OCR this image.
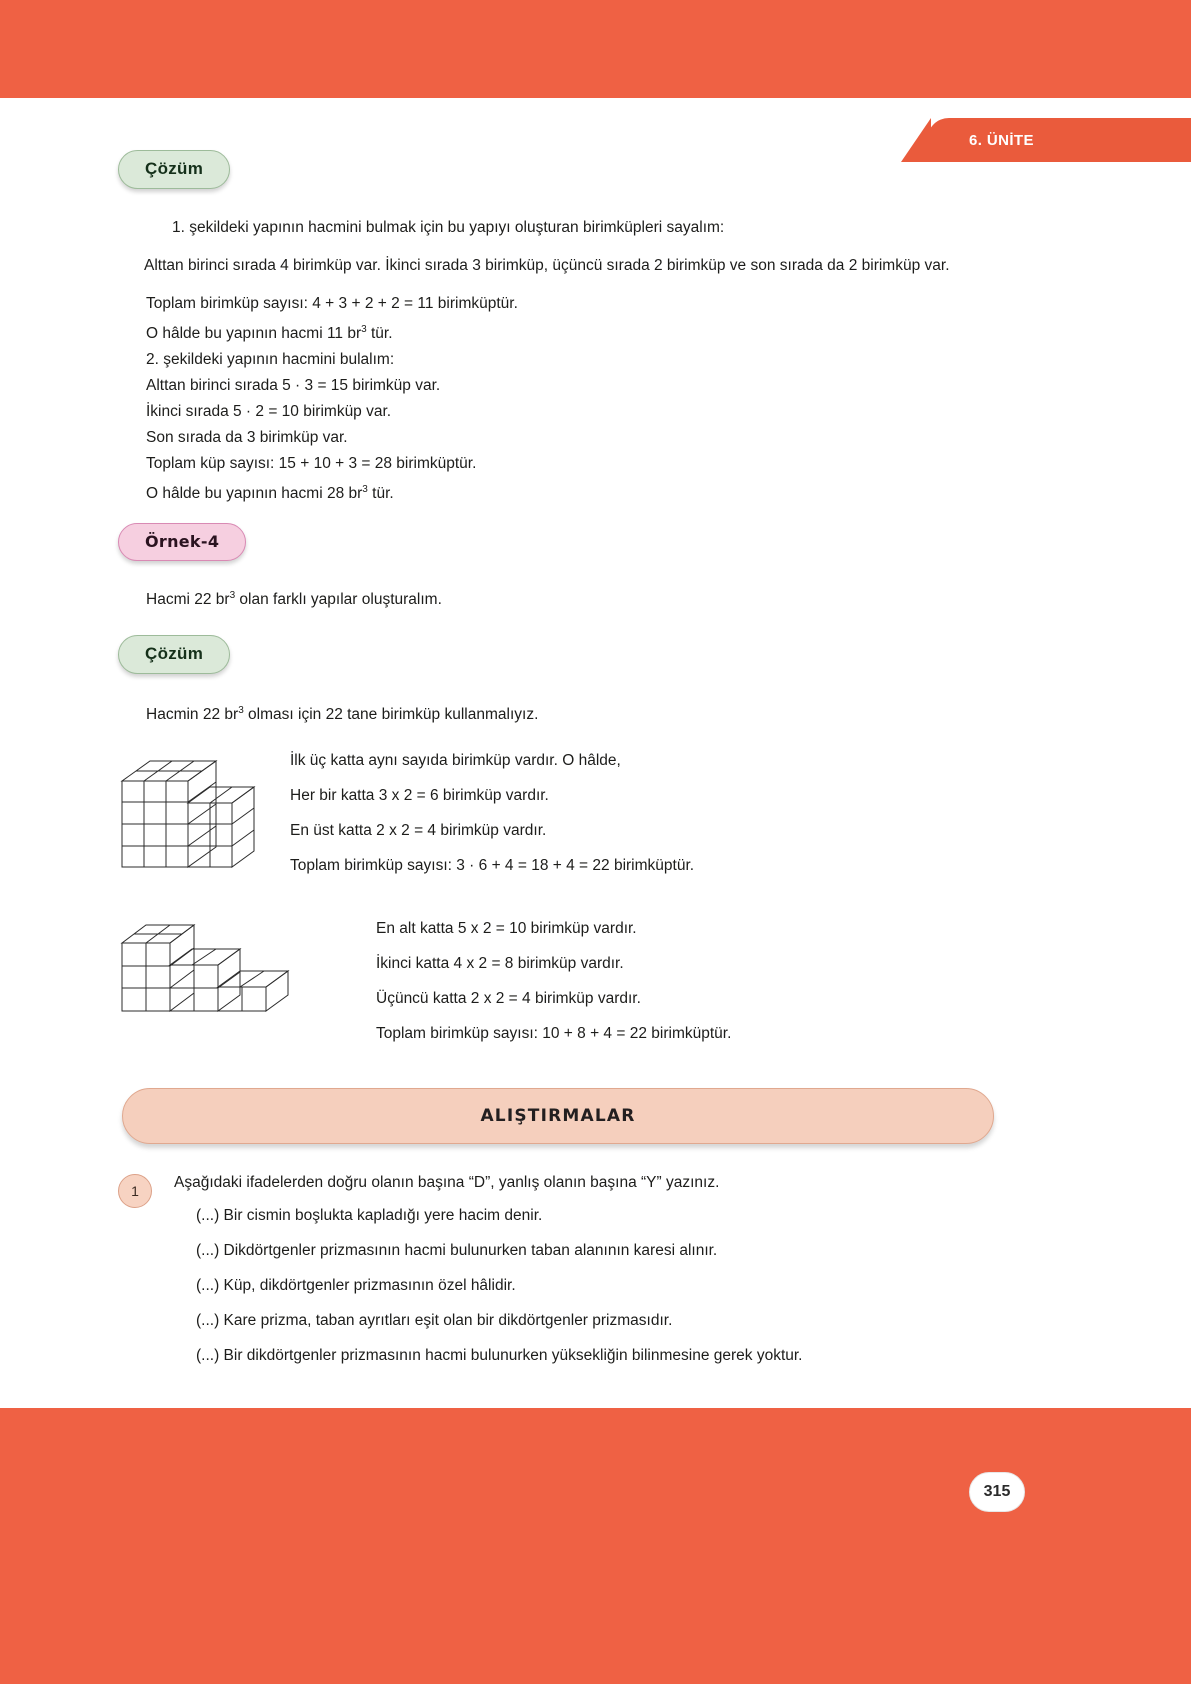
6. ÜNİTE
Çözüm

1. şekildeki yapının hacmini bulmak için bu yapıyı oluşturan birimküpleri sayalım:

Alttan birinci sırada 4 birimküp var. İkinci sırada 3 birimküp, üçüncü sırada 2 birimküp ve son sırada da 2 birimküp var.

Toplam birimküp sayısı: 4 + 3 + 2 + 2 = 11 birimküptür.

O hâlde bu yapının hacmi 11 $br^3$ tür.

2. şekildeki yapının hacmini bulalım:

Alttan birinci sırada 5 · 3 = 15 birimküp var.

İkinci sırada 5 · 2 = 10 birimküp var.

Son sırada da 3 birimküp var.

Toplam küp sayısı: 15 + 10 + 3 = 28 birimküptür.

O hâlde bu yapının hacmi 28 $br^3$ tür.

Örnek-4

Hacmi 22 $br^3$ olan farklı yapılar oluşturalım.

Çözüm

Hacmin 22 $br^3$ olması için 22 tane birimküp kullanmalıyız.

İlk üç katta aynı sayıda birimküp vardır. O hâlde,

Her bir katta 3 x 2 = 6 birimküp vardır.

En üst katta 2 x 2 = 4 birimküp vardır.

Toplam birimküp sayısı: 3 · 6 + 4 = 18 + 4 = 22 birimküptür.

En alt katta 5 x 2 = 10 birimküp vardır.

İkinci katta 4 x 2 = 8 birimküp vardır.

Üçüncü katta 2 x 2 = 4 birimküp vardır.

Toplam birimküp sayısı: 10 + 8 + 4 = 22 birimküptür.

ALIŞTIRMALAR
1	Aşağıdaki ifadelerden doğru olanın başına “D”, yanlış olanın başına “Y” yazınız.

(...) Bir cismin boşlukta kapladığı yere hacim denir.

(...) Dikdörtgenler prizmasının hacmi bulunurken taban alanının karesi alınır.

(...) Küp, dikdörtgenler prizmasının özel hâlidir.

(...) Kare prizma, taban ayrıtları eşit olan bir dikdörtgenler prizmasıdır.

(...) Bir dikdörtgenler prizmasının hacmi bulunurken yüksekliğin bilinmesine gerek yoktur.

315
